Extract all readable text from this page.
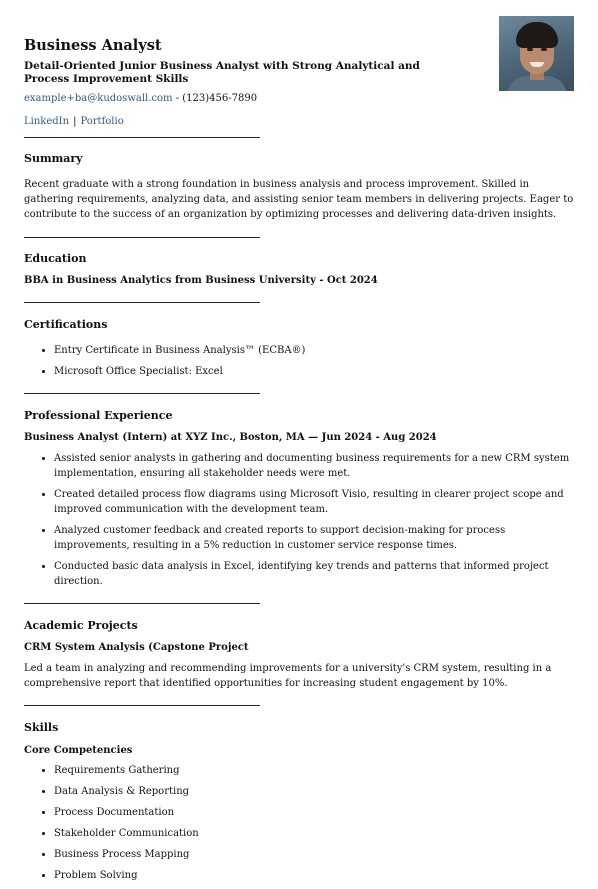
Business Analyst
Detail-Oriented Junior Business Analyst with Strong Analytical and Process Improvement Skills
example+ba@kudoswall.com - (123)456-7890
LinkedIn | Portfolio
Summary
Recent graduate with a strong foundation in business analysis and process improvement. Skilled in gathering requirements, analyzing data, and assisting senior team members in delivering projects. Eager to contribute to the success of an organization by optimizing processes and delivering data-driven insights.
Education
BBA in Business Analytics from Business University - Oct 2024
Certifications
• Entry Certificate in Business Analysis™ (ECBA®)
• Microsoft Office Specialist: Excel
Professional Experience
Business Analyst (Intern) at XYZ Inc., Boston, MA — Jun 2024 - Aug 2024
• Assisted senior analysts in gathering and documenting business requirements for a new CRM system implementation, ensuring all stakeholder needs were met.
• Created detailed process flow diagrams using Microsoft Visio, resulting in clearer project scope and improved communication with the development team.
• Analyzed customer feedback and created reports to support decision-making for process improvements, resulting in a 5% reduction in customer service response times.
• Conducted basic data analysis in Excel, identifying key trends and patterns that informed project direction.
Academic Projects
CRM System Analysis (Capstone Project
Led a team in analyzing and recommending improvements for a university's CRM system, resulting in a comprehensive report that identified opportunities for increasing student engagement by 10%.
Skills
Core Competencies
• Requirements Gathering
• Data Analysis & Reporting
• Process Documentation
• Stakeholder Communication
• Business Process Mapping
• Problem Solving
